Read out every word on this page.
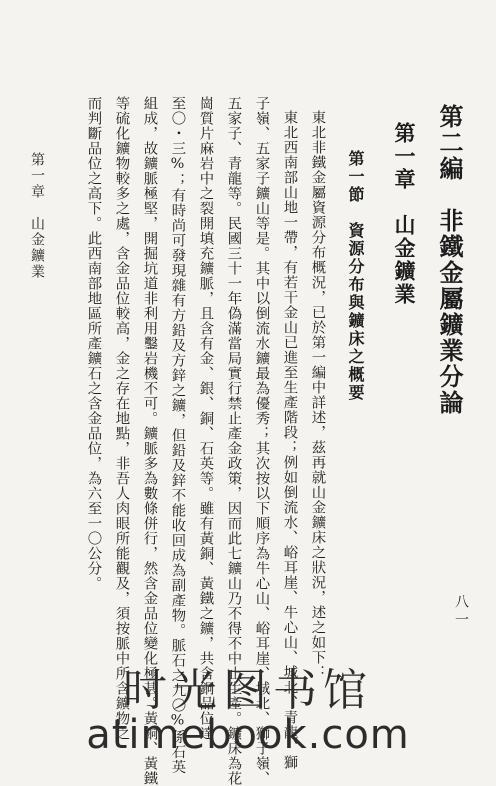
第二編　非鐵金屬鑛業分論
第一章　山金鑛業
第一節　資源分布與鑛床之概要
東北非鐵金屬資源分布概況，已於第一編中詳述，茲再就山金鑛床之狀況，述之如下：
東北西南部山地一帶，有若干金山已進至生產階段；例如倒流水、峪耳崖、牛心山、城北、青龍、獅
子嶺、五家子鑛山等是。其中以倒流水鑛最為優秀；其次按以下順序為牛心山、峪耳崖、城北、獅子嶺、
五家子、青龍等。民國三十一年偽滿當局實行禁止產金政策，因而此七鑛山乃不得不中止生產。鑛床為花
崗質片麻岩中之裂開填充鑛脈，且含有金、銀、銅、石英等。雖有黃銅、黃鐵之鑛，共含銅品位達
至〇・三%；有時尚可發現雜有方鉛及方鋅之鑛，但鉛及鋅不能收回成為副產物。脈石之九〇%係石英
組成，故鑛脈極堅，開掘坑道非利用鑿岩機不可。鑛脈多為數條併行，然含金品位變化極甚。黃銅、黃鐵
等硫化鑛物較多之處，含金品位較高，金之存在地點，非吾人肉眼所能觀及，須按脈中所含鑛物之
而判斷品位之高下。此西南部地區所產鑛石之含金品位，為六至一〇公分。
第一章　山金鑛業
八一
时光图书馆
atimebook.com
